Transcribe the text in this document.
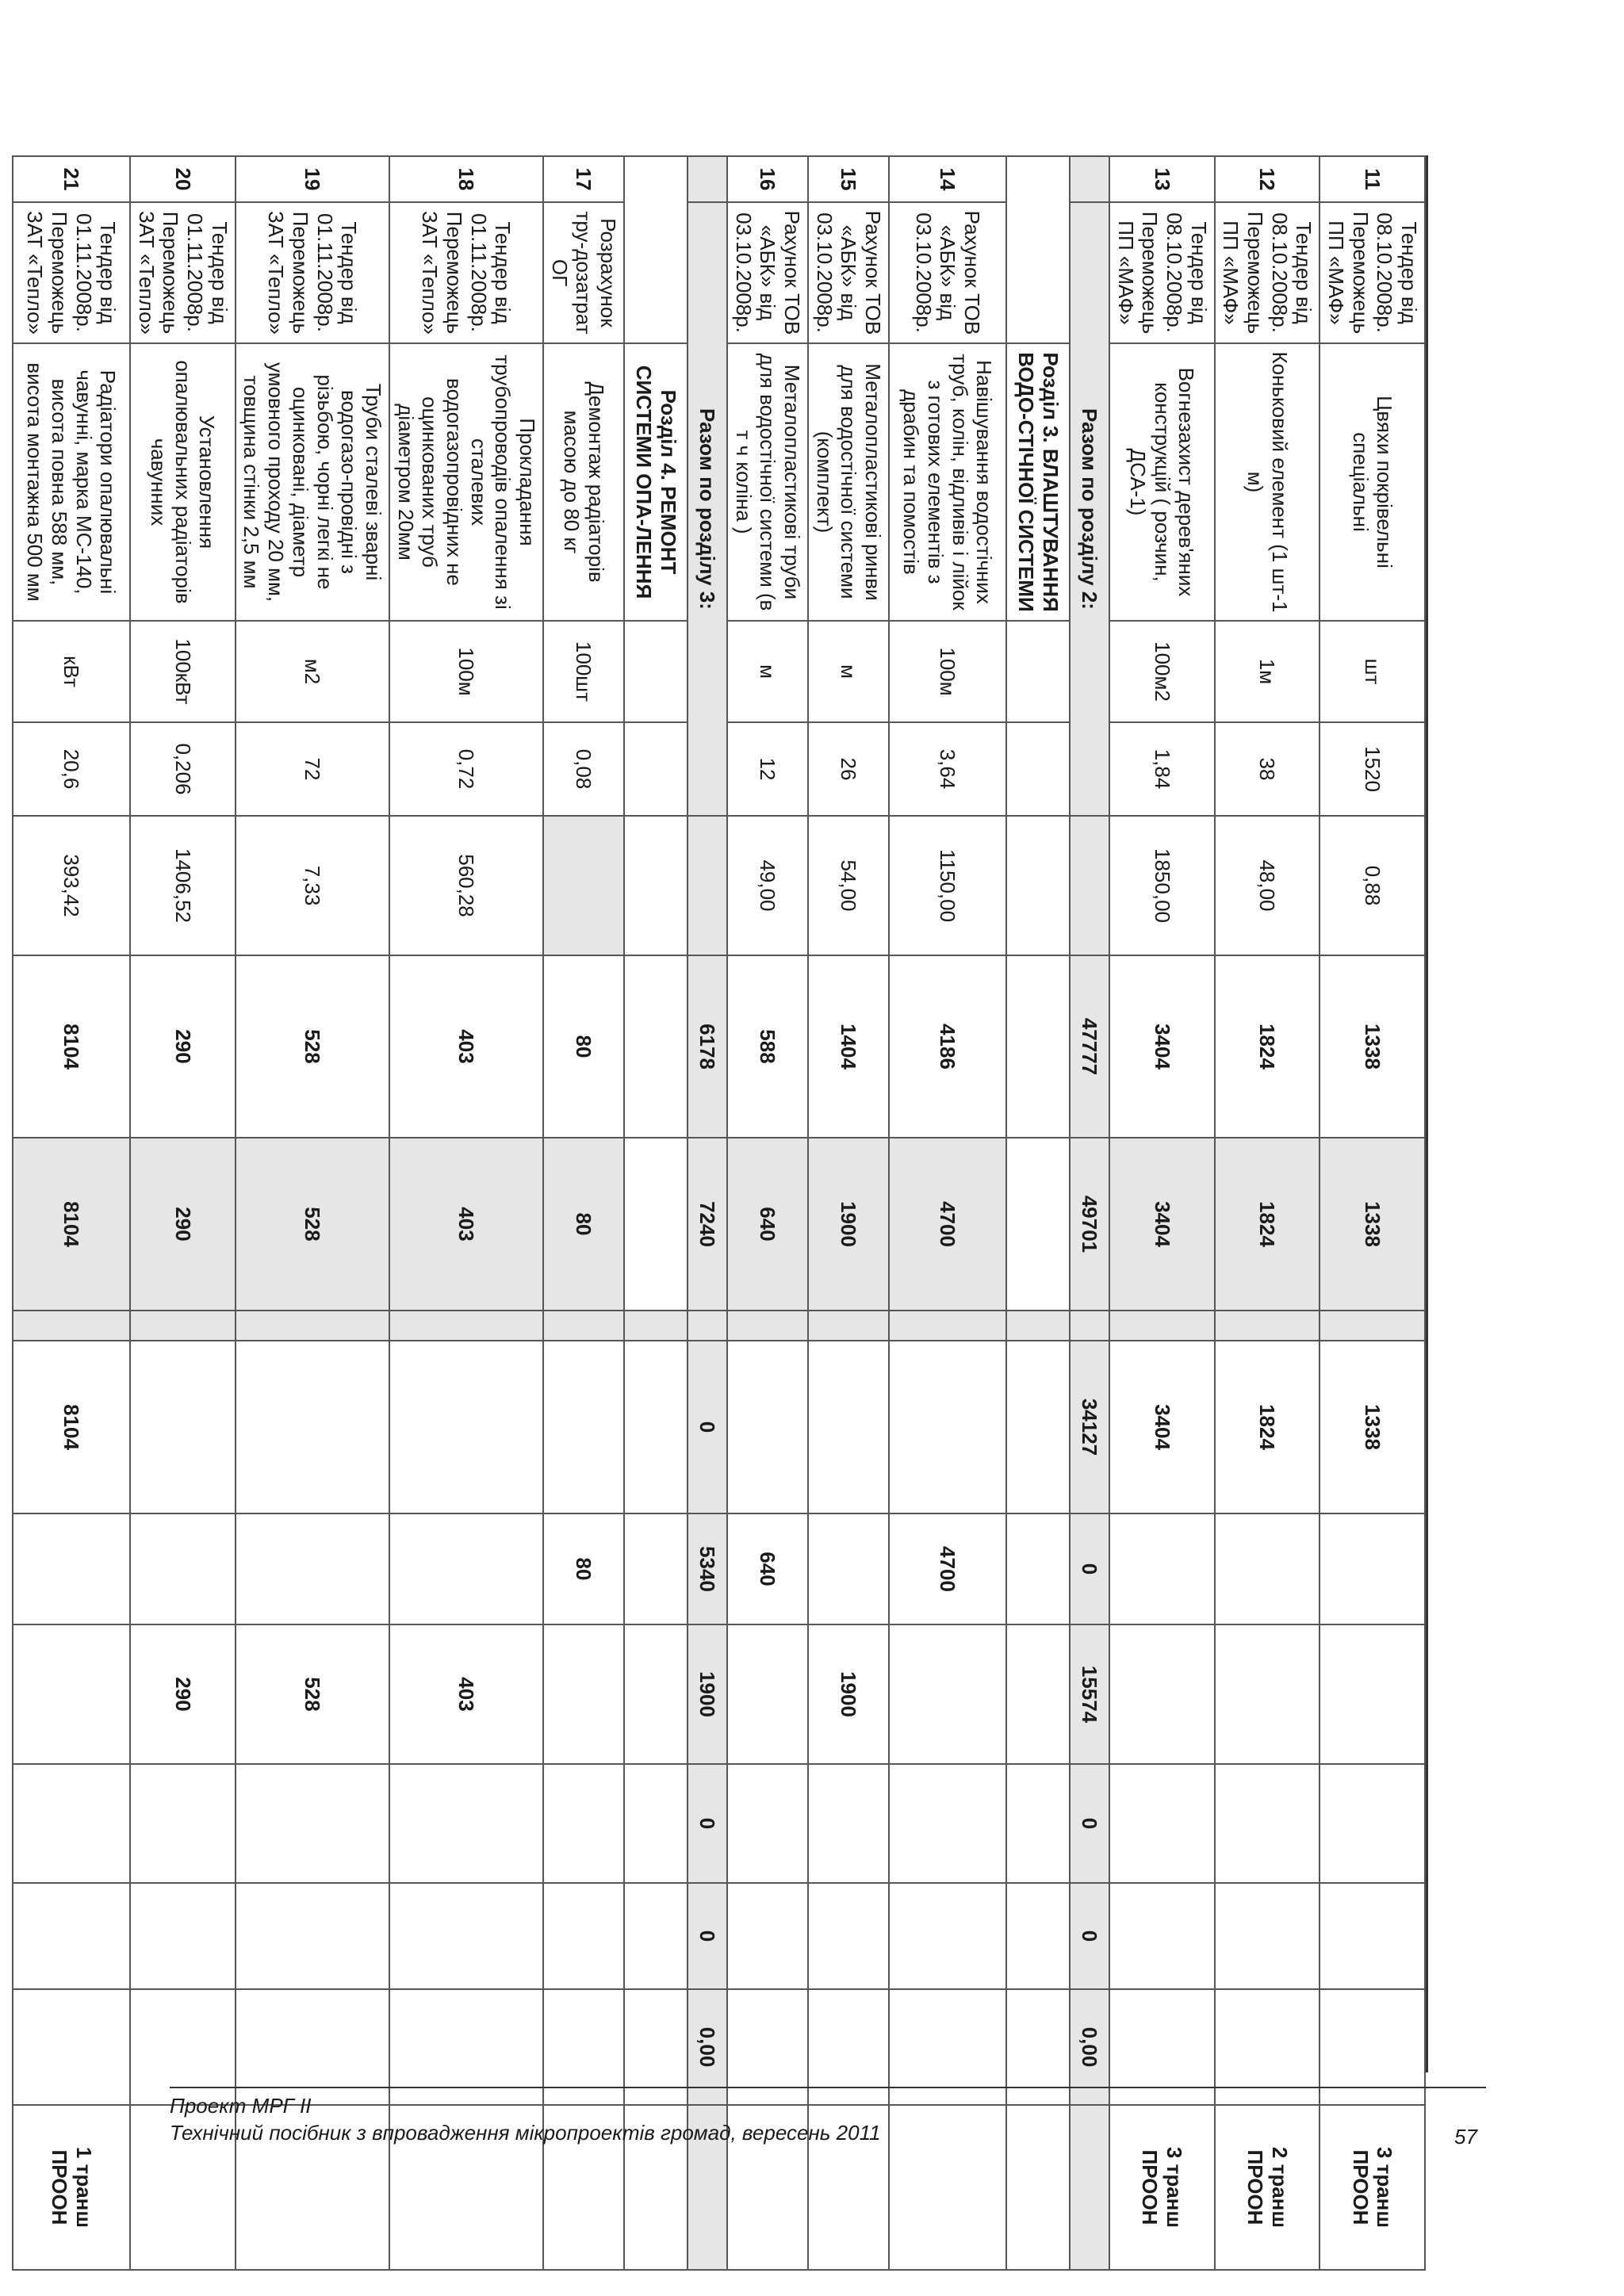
11	Тендер від 08.10.2008р. Переможець ПП «МАФ»	Цвяхи покрівельні спеціальні	шт	1520	0,88	1338	1338		1338						3 транш ПРООН
12	Тендер від 08.10.2008р. Переможець ПП «МАФ»	Коньковий елемент (1 шт-1 м)	1м	38	48,00	1824	1824		1824						2 транш ПРООН
13	Тендер від 08.10.2008р. Переможець ПП «МАФ»	Вогнезахист дерев'яних конструкцій ( розчин, ДСА-1)	100м2	1,84	1850,00	3404	3404		3404						3 транш ПРООН
	Разом по розділу 2:					47777	49701		34127	0	15574	0	0	0,00	
		Розділ 3. ВЛАШТУВАННЯ ВОДО-СТІЧНОЇ СИСТЕМИ													
14	Рахунок ТОВ «АБК» від 03.10.2008р.	Навішування водостічних труб, колін, відливів і лійок з готових елементів з драбин та помостів	100м	3,64	1150,00	4186	4700			4700					
15	Рахунок ТОВ «АБК» від 03.10.2008р.	Металопластикові ринви для водостічної системи (комплект)	м	26	54,00	1404	1900				1900				
16	Рахунок ТОВ «АБК» від 03.10.2008р.	Металопластикові труби для водостічної системи (в т ч коліна )	м	12	49,00	588	640			640					
	Разом по розділу 3:					6178	7240		0	5340	1900	0	0	0,00	
		Розділ 4. РЕМОНТ СИСТЕМИ ОПА-ЛЕННЯ													
17	Розрахунок тру-дозатрат ОГ	Демонтаж радіаторів масою до 80 кг	100шт	0,08		80	80			80					
18	Тендер від 01.11.2008р. Переможець ЗАТ «Тепло»	Прокладання трубопроводів опалення зі сталевих водогазопровідних не оцинкованих труб діаметром 20мм	100м	0,72	560,28	403	403				403				
19	Тендер від 01.11.2008р. Переможець ЗАТ «Тепло»	Труби сталеві зварні водогазо-провідні з різьбою, чорні легкі не оцинковані, діаметр умовного проходу 20 мм, товщина стінки 2,5 мм	м2	72	7,33	528	528				528				
20	Тендер від 01.11.2008р. Переможець ЗАТ «Тепло»	Установлення опалювальних радіаторів чавунних	100кВт	0,206	1406,52	290	290				290				
21	Тендер від 01.11.2008р. Переможець ЗАТ «Тепло»	Радіатори опалювальні чавунні, марка МС-140, висота повна 588 мм, висота монтажна 500 мм	кВт	20,6	393,42	8104	8104		8104						1 транш ПРООН
Проект МРГ II
Технічний посібник з впровадження мікропроектів громад, вересень 2011	57
